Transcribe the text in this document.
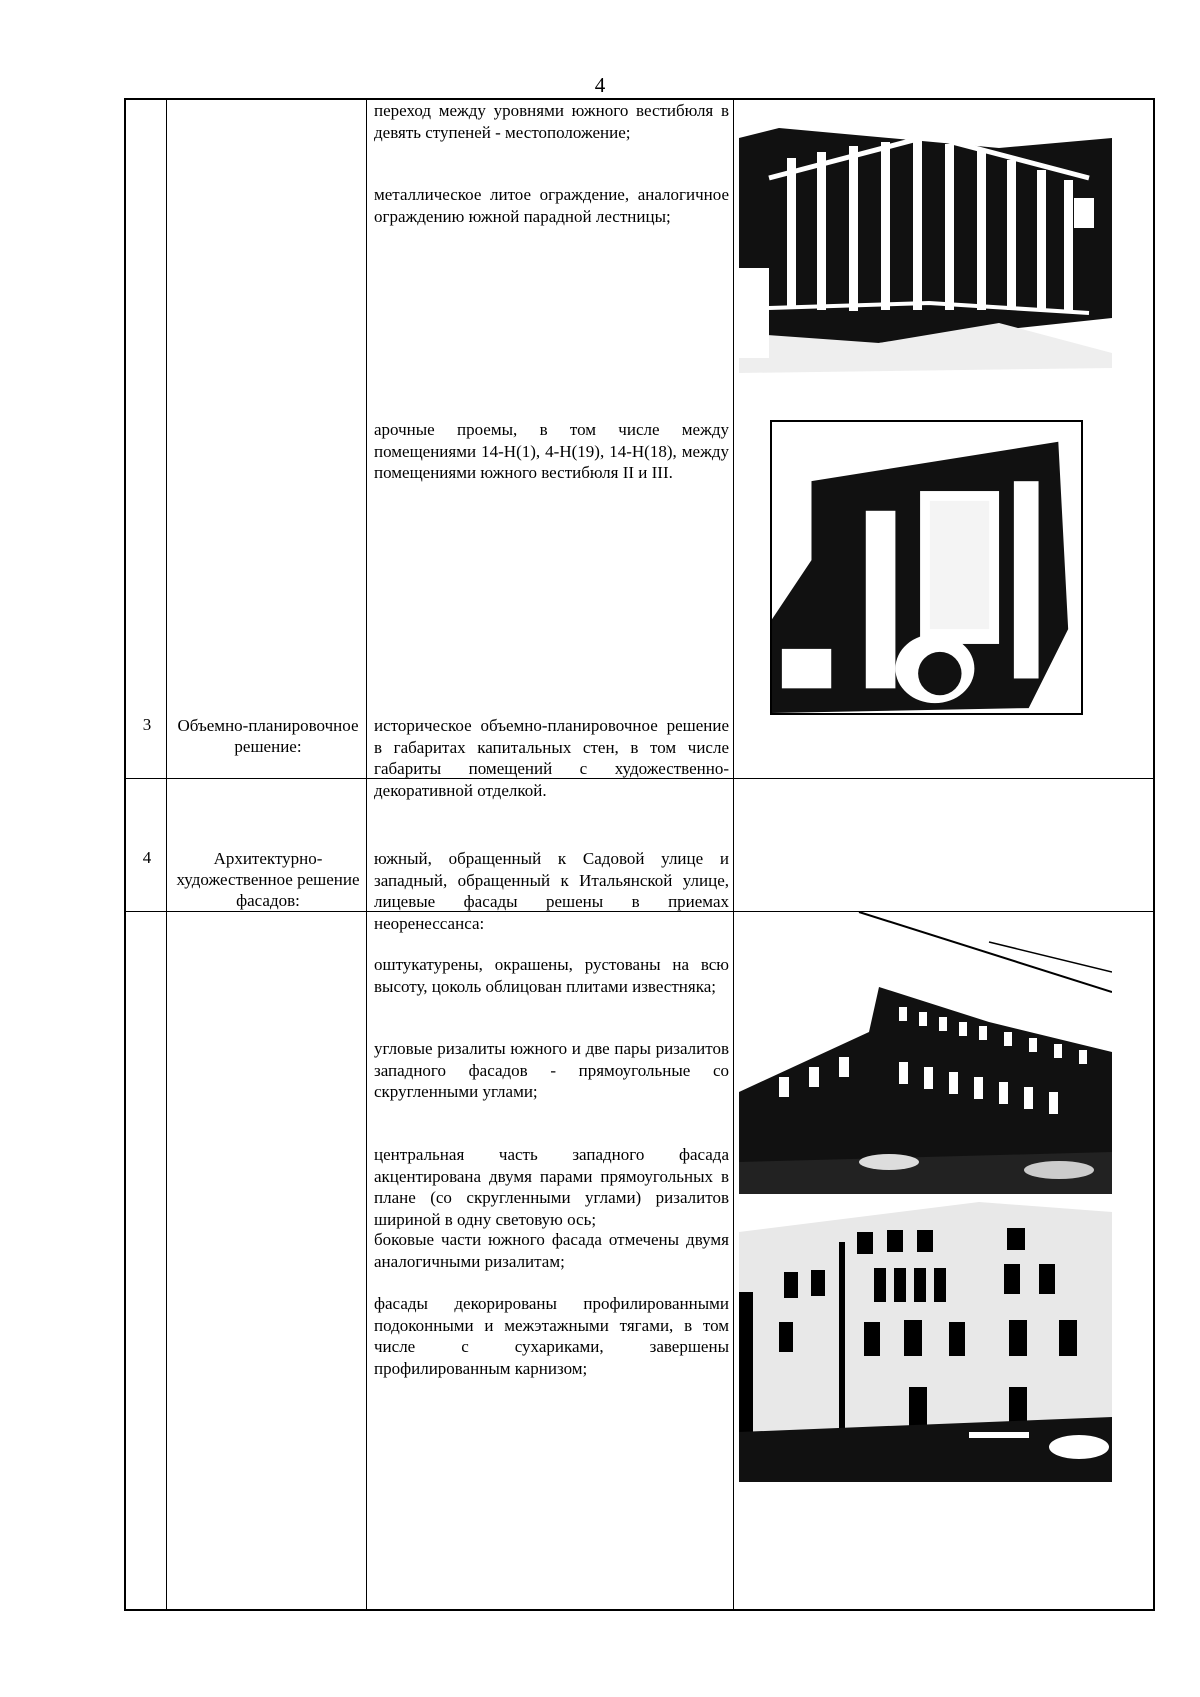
4
переход между уровнями южного вестибюля в девять ступеней - местоположение;
металлическое литое ограждение, аналогичное ограждению южной парадной лестницы;
арочные проемы, в том числе между помещениями 14-Н(1), 4-Н(19), 14-Н(18), между помещениями южного вестибюля II и III.
3	Объемно-планировочное решение:
историческое объемно-планировочное решение в габаритах капитальных стен, в том числе габариты помещений с художественно-декоративной отделкой.
4	Архитектурно-художественное решение фасадов:
южный, обращенный к Садовой улице и западный, обращенный к Итальянской улице, лицевые фасады решены в приемах неоренессанса:
оштукатурены, окрашены, рустованы на всю высоту, цоколь облицован плитами известняка;
угловые ризалиты южного и две пары ризалитов западного фасадов - прямоугольные со скругленными углами;
центральная часть западного фасада акцентирована двумя парами прямоугольных в плане (со скругленными углами) ризалитов шириной в одну световую ось;
боковые части южного фасада отмечены двумя аналогичными ризалитам;
фасады декорированы профилированными подоконными и межэтажными тягами, в том числе с сухариками, завершены профилированным карнизом;
